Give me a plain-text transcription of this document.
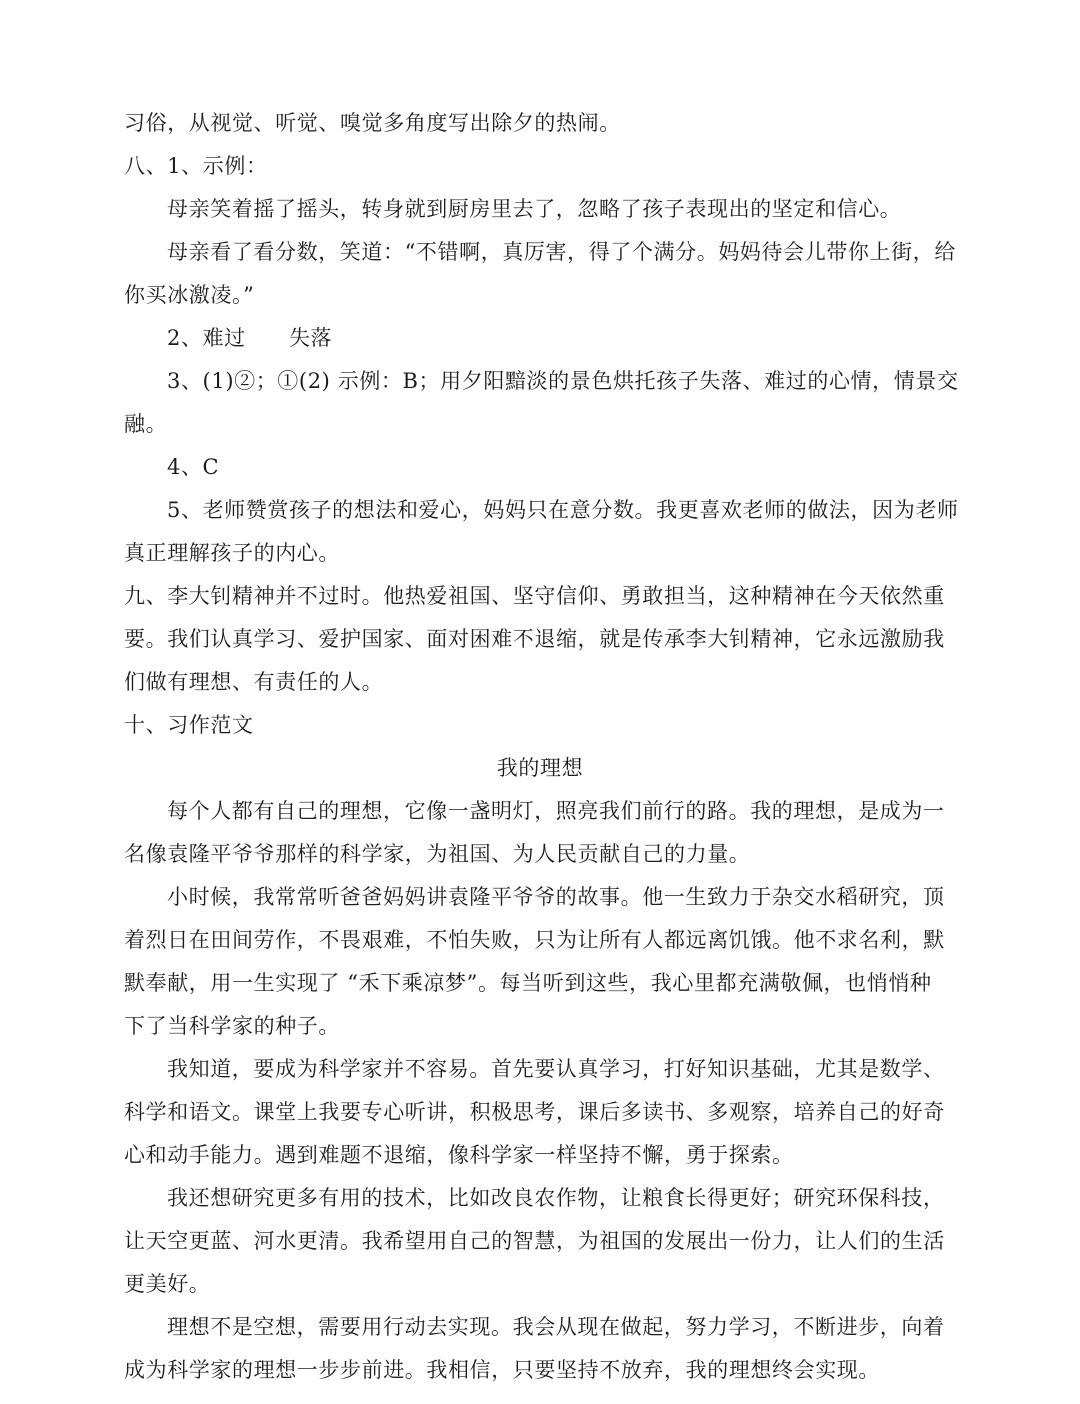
习俗，从视觉、听觉、嗅觉多角度写出除夕的热闹。
八、1、示例：
母亲笑着摇了摇头，转身就到厨房里去了，忽略了孩子表现出的坚定和信心。
母亲看了看分数，笑道：“不错啊，真厉害，得了个满分。妈妈待会儿带你上街，给
你买冰激凌。”
2、难过　　失落
3、(1)②；①(2) 示例：B；用夕阳黯淡的景色烘托孩子失落、难过的心情，情景交
融。
4、C
5、老师赞赏孩子的想法和爱心，妈妈只在意分数。我更喜欢老师的做法，因为老师
真正理解孩子的内心。
九、李大钊精神并不过时。他热爱祖国、坚守信仰、勇敢担当，这种精神在今天依然重
要。我们认真学习、爱护国家、面对困难不退缩，就是传承李大钊精神，它永远激励我
们做有理想、有责任的人。
十、习作范文
我的理想
每个人都有自己的理想，它像一盏明灯，照亮我们前行的路。我的理想，是成为一
名像袁隆平爷爷那样的科学家，为祖国、为人民贡献自己的力量。
小时候，我常常听爸爸妈妈讲袁隆平爷爷的故事。他一生致力于杂交水稻研究，顶
着烈日在田间劳作，不畏艰难，不怕失败，只为让所有人都远离饥饿。他不求名利，默
默奉献，用一生实现了 “禾下乘凉梦”。每当听到这些，我心里都充满敬佩，也悄悄种
下了当科学家的种子。
我知道，要成为科学家并不容易。首先要认真学习，打好知识基础，尤其是数学、
科学和语文。课堂上我要专心听讲，积极思考，课后多读书、多观察，培养自己的好奇
心和动手能力。遇到难题不退缩，像科学家一样坚持不懈，勇于探索。
我还想研究更多有用的技术，比如改良农作物，让粮食长得更好；研究环保科技，
让天空更蓝、河水更清。我希望用自己的智慧，为祖国的发展出一份力，让人们的生活
更美好。
理想不是空想，需要用行动去实现。我会从现在做起，努力学习，不断进步，向着
成为科学家的理想一步步前进。我相信，只要坚持不放弃，我的理想终会实现。
